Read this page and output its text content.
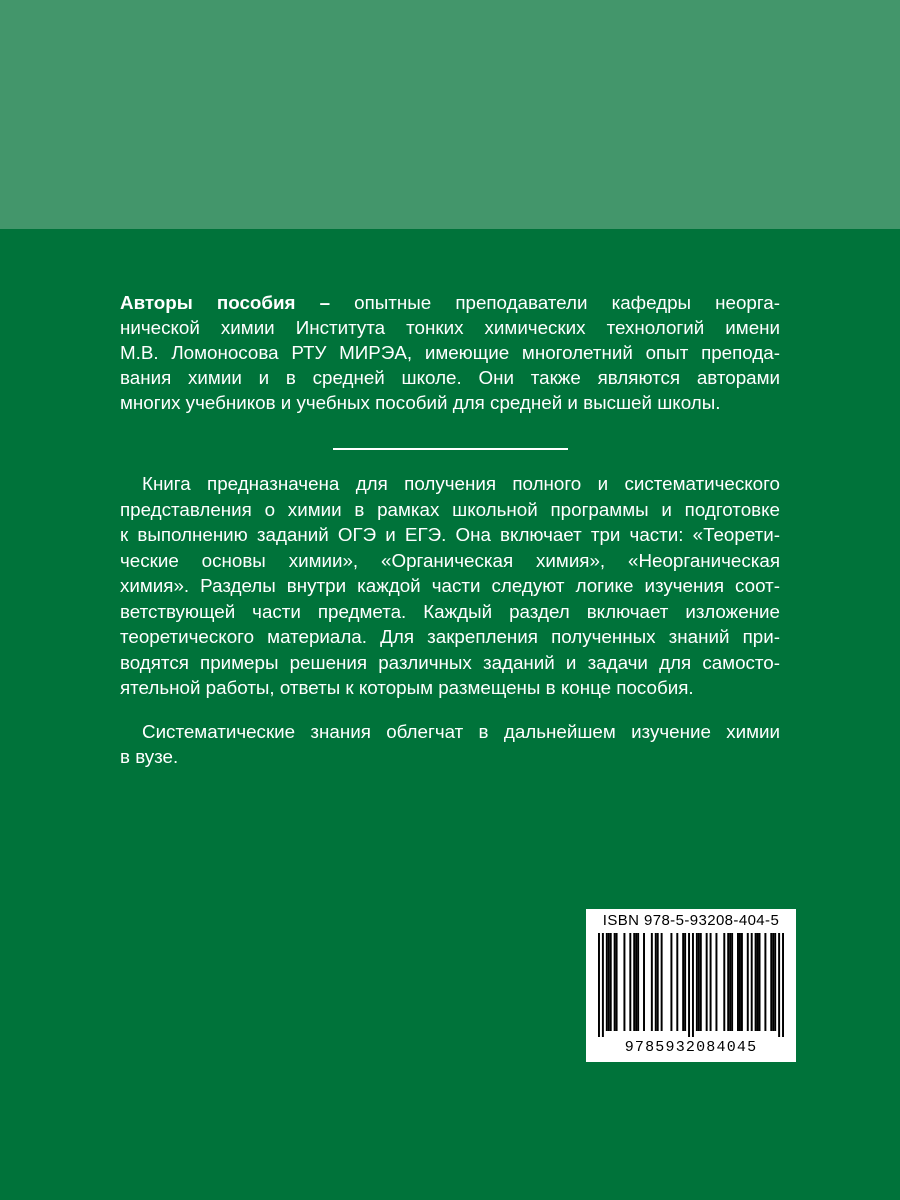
Авторы пособия – опытные преподаватели кафедры неорга-
нической химии Института тонких химических технологий имени
М.В. Ломоносова РТУ МИРЭА, имеющие многолетний опыт препода-
вания химии и в средней школе. Они также являются авторами
многих учебников и учебных пособий для средней и высшей школы.
Книга предназначена для получения полного и систематического
представления о химии в рамках школьной программы и подготовке
к выполнению заданий ОГЭ и ЕГЭ. Она включает три части: «Теорети-
ческие основы химии», «Органическая химия», «Неорганическая
химия». Разделы внутри каждой части следуют логике изучения соот-
ветствующей части предмета. Каждый раздел включает изложение
теоретического материала. Для закрепления полученных знаний при-
водятся примеры решения различных заданий и задачи для самосто-
ятельной работы, ответы к которым размещены в конце пособия.
Систематические знания облегчат в дальнейшем изучение химии
в вузе.
ISBN 978-5-93208-404-5
9785932084045
